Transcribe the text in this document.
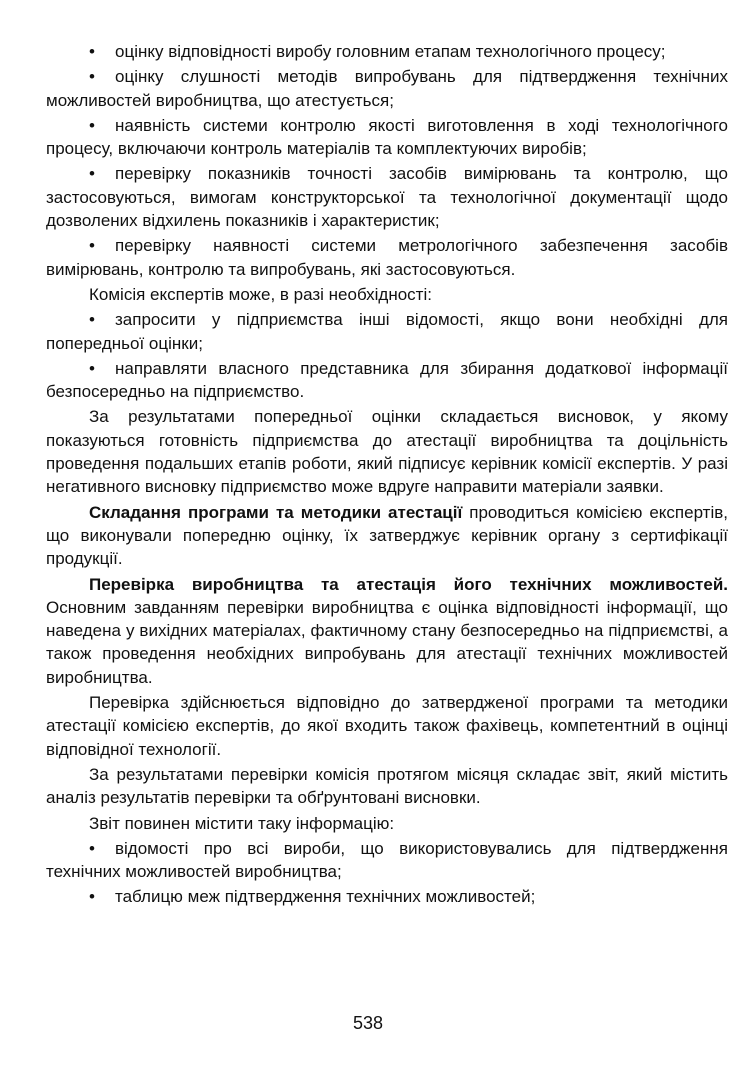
• оцінку відповідності виробу головним етапам технологічного процесу;

• оцінку слушності методів випробувань для підтвердження технічних можливостей виробництва, що атестується;

• наявність системи контролю якості виготовлення в ході технологічного процесу, включаючи контроль матеріалів та комплектуючих виробів;

• перевірку показників точності засобів вимірювань та контролю, що застосовуються, вимогам конструкторської та технологічної документації щодо дозволених відхилень показників і характеристик;

• перевірку наявності системи метрологічного забезпечення засобів вимірювань, контролю та випробувань, які застосовуються.

Комісія експертів може, в разі необхідності:

• запросити у підприємства інші відомості, якщо вони необхідні для попередньої оцінки;

• направляти власного представника для збирання додаткової інформації безпосередньо на підприємство.

За результатами попередньої оцінки складається висновок, у якому показуються готовність підприємства до атестації виробництва та доцільність проведення подальших етапів роботи, який підписує керівник комісії експертів. У разі негативного висновку підприємство може вдруге направити матеріали заявки.

Складання програми та методики атестації проводиться комісією експертів, що виконували попередню оцінку, їх затверджує керівник органу з сертифікації продукції.

Перевірка виробництва та атестація його технічних можливостей. Основним завданням перевірки виробництва є оцінка відповідності інформації, що наведена у вихідних матеріалах, фактичному стану безпосередньо на підприємстві, а також проведення необхідних випробувань для атестації технічних можливостей виробництва.

Перевірка здійснюється відповідно до затвердженої програми та методики атестації комісією експертів, до якої входить також фахівець, компетентний в оцінці відповідної технології.

За результатами перевірки комісія протягом місяця складає звіт, який містить аналіз результатів перевірки та обґрунтовані висновки.

Звіт повинен містити таку інформацію:

• відомості про всі вироби, що використовувались для підтвердження технічних можливостей виробництва;

• таблицю меж підтвердження технічних можливостей;

538
